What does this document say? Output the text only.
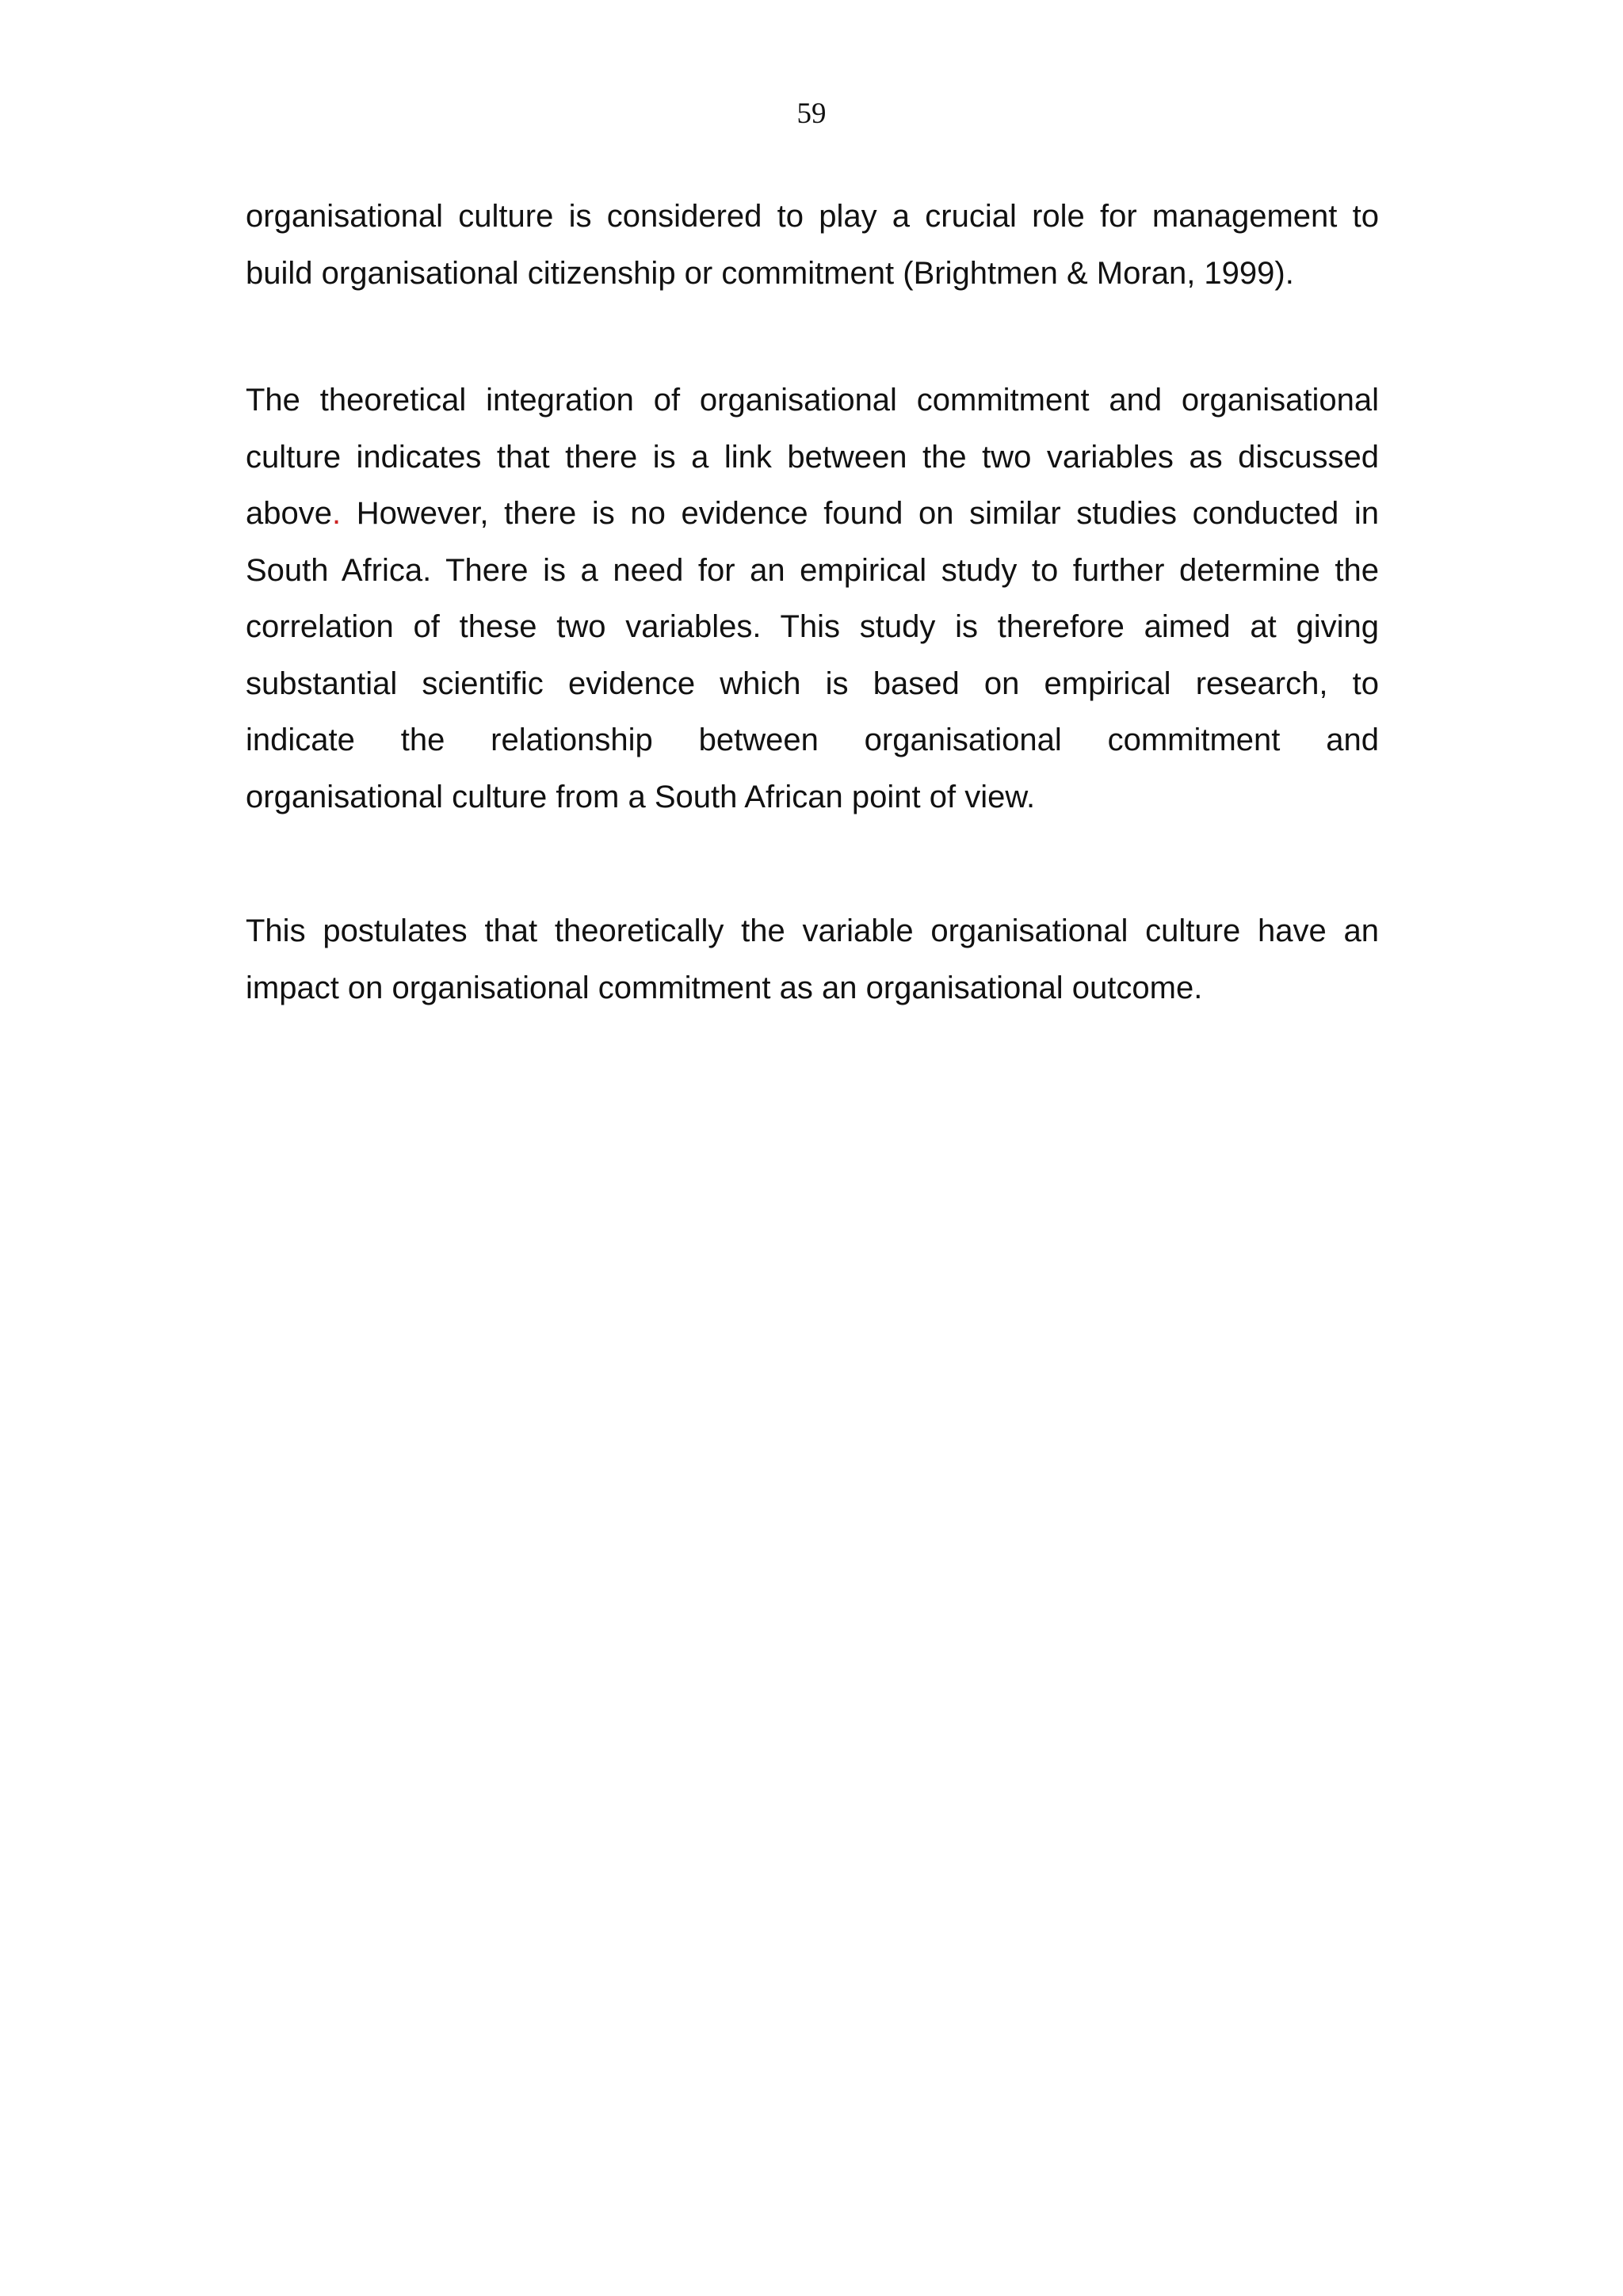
59
organisational culture is considered to play a crucial role for management to
build organisational citizenship or commitment (Brightmen & Moran, 1999).
The theoretical integration of organisational commitment and organisational
culture indicates that there is a link between the two variables as discussed
above. However, there is no evidence found on similar studies conducted in
South Africa. There is a need for an empirical study to further determine the
correlation of these two variables. This study is therefore aimed at giving
substantial scientific evidence which is based on empirical research, to
indicate the relationship between organisational commitment and
organisational culture from a South African point of view.
This postulates that theoretically the variable organisational culture have an
impact on organisational commitment as an organisational outcome.
